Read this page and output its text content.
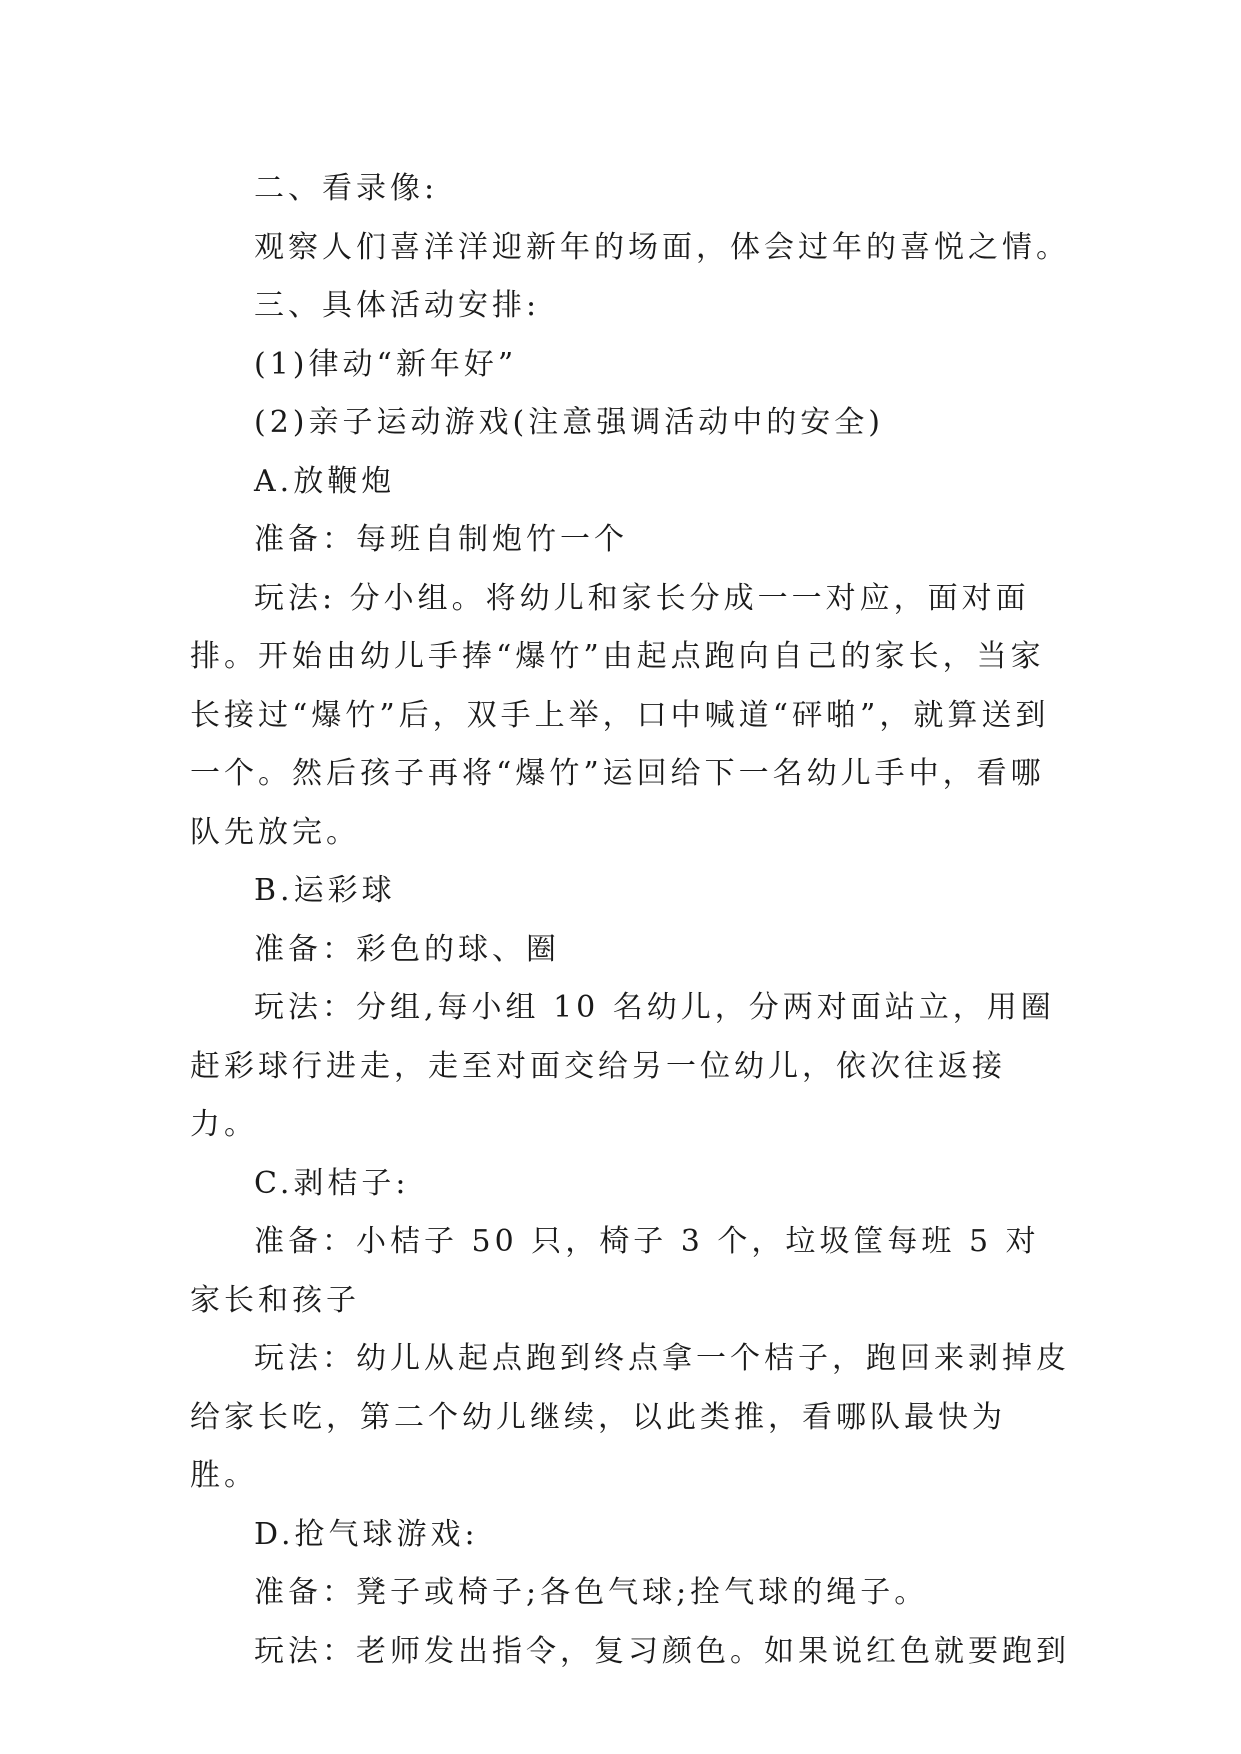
二、看录像:

观察人们喜洋洋迎新年的场面，体会过年的喜悦之情。

三、具体活动安排:

(1)律动“新年好”

(2)亲子运动游戏(注意强调活动中的安全)

A.放鞭炮

准备：每班自制炮竹一个

玩法: 分小组。将幼儿和家长分成一一对应，面对面排。开始由幼儿手捧“爆竹”由起点跑向自己的家长，当家长接过“爆竹”后，双手上举，口中喊道“砰啪”，就算送到一个。然后孩子再将“爆竹”运回给下一名幼儿手中，看哪队先放完。

B.运彩球

准备：彩色的球、圈

玩法：分组,每小组 10 名幼儿，分两对面站立，用圈赶彩球行进走，走至对面交给另一位幼儿，依次往返接力。

C.剥桔子:

准备：小桔子 50 只，椅子 3 个，垃圾筐每班 5 对家长和孩子

玩法：幼儿从起点跑到终点拿一个桔子，跑回来剥掉皮给家长吃，第二个幼儿继续，以此类推，看哪队最快为胜。

D.抢气球游戏:

准备：凳子或椅子;各色气球;拴气球的绳子。

玩法：老师发出指令，复习颜色。如果说红色就要跑到
